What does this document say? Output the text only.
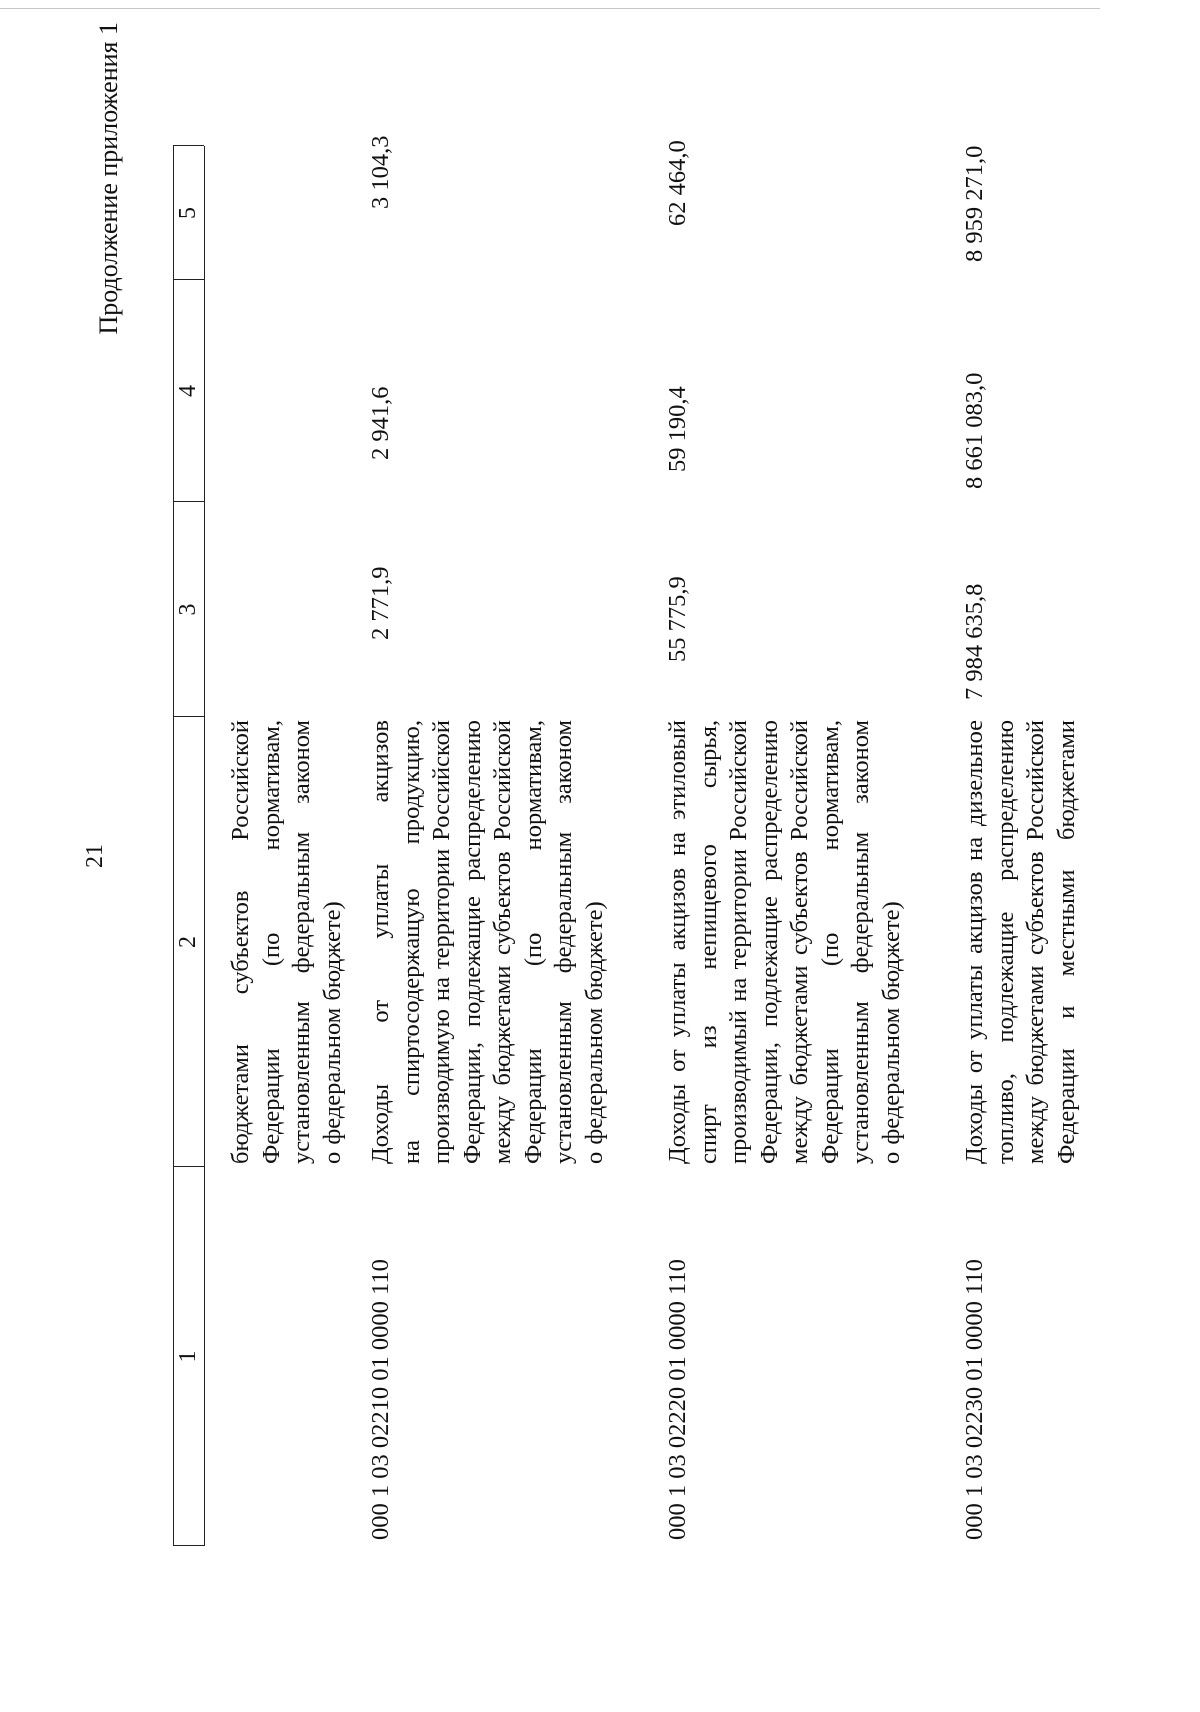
21
Продолжение приложения 1
1
2
3
4
5
бюджетами субъектов Российской Федерации (по нормативам, установленным федеральным законом о федеральном бюджете)
000 1 03 02210 01 0000 110
Доходы от уплаты акцизов на спиртосодержащую продукцию, производимую на территории Российской Федерации, подлежащие распределению между бюджетами субъектов Российской Федерации (по нормативам, установленным федеральным законом о федеральном бюджете)
2 771,9
2 941,6
3 104,3
000 1 03 02220 01 0000 110
Доходы от уплаты акцизов на этиловый спирт из непищевого сырья, производимый на территории Российской Федерации, подлежащие распределению между бюджетами субъектов Российской Федерации (по нормативам, установленным федеральным законом о федеральном бюджете)
55 775,9
59 190,4
62 464,0
000 1 03 02230 01 0000 110
Доходы от уплаты акцизов на дизельное топливо, подлежащие распределению между бюджетами субъектов Российской Федерации и местными бюджетами
7 984 635,8
8 661 083,0
8 959 271,0
